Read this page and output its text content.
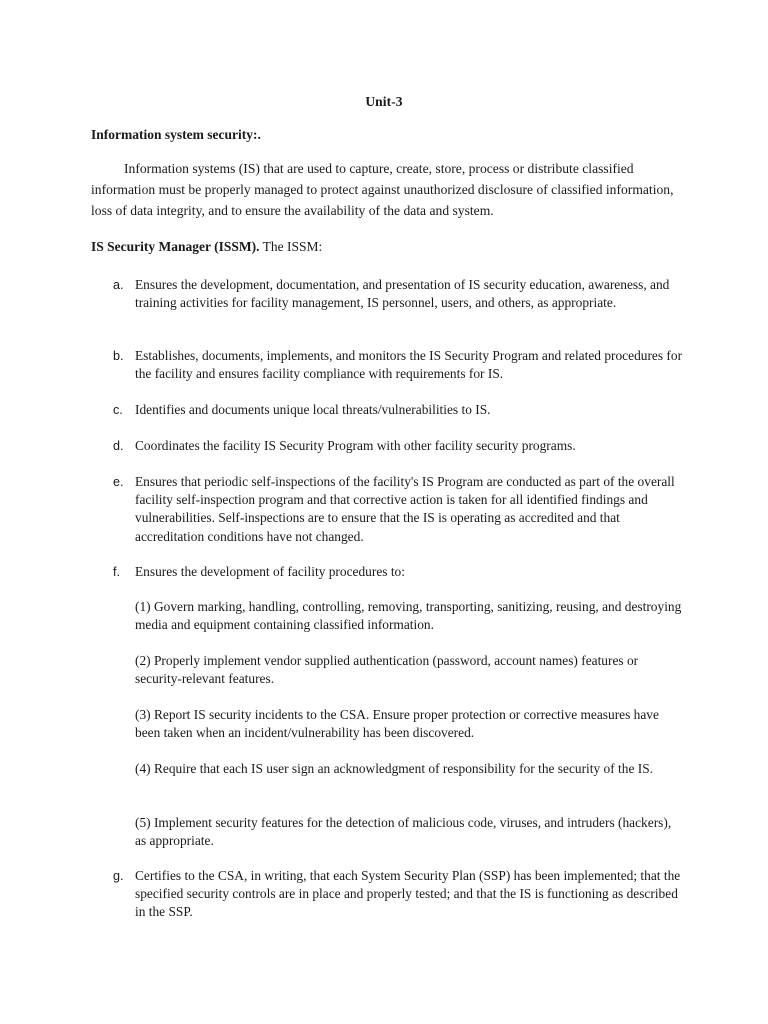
Unit-3
Information system security:.
Information systems (IS) that are used to capture, create, store, process or distribute classified information must be properly managed to protect against unauthorized disclosure of classified information, loss of data integrity, and to ensure the availability of the data and system.
IS Security Manager (ISSM). The ISSM:
a. Ensures the development, documentation, and presentation of IS security education, awareness, and training activities for facility management, IS personnel, users, and others, as appropriate.
b. Establishes, documents, implements, and monitors the IS Security Program and related procedures for the facility and ensures facility compliance with requirements for IS.
c. Identifies and documents unique local threats/vulnerabilities to IS.
d. Coordinates the facility IS Security Program with other facility security programs.
e. Ensures that periodic self-inspections of the facility's IS Program are conducted as part of the overall facility self-inspection program and that corrective action is taken for all identified findings and vulnerabilities. Self-inspections are to ensure that the IS is operating as accredited and that accreditation conditions have not changed.
f. Ensures the development of facility procedures to:
(1) Govern marking, handling, controlling, removing, transporting, sanitizing, reusing, and destroying media and equipment containing classified information.
(2) Properly implement vendor supplied authentication (password, account names) features or security-relevant features.
(3) Report IS security incidents to the CSA. Ensure proper protection or corrective measures have been taken when an incident/vulnerability has been discovered.
(4) Require that each IS user sign an acknowledgment of responsibility for the security of the IS.
(5) Implement security features for the detection of malicious code, viruses, and intruders (hackers), as appropriate.
g. Certifies to the CSA, in writing, that each System Security Plan (SSP) has been implemented; that the specified security controls are in place and properly tested; and that the IS is functioning as described in the SSP.
